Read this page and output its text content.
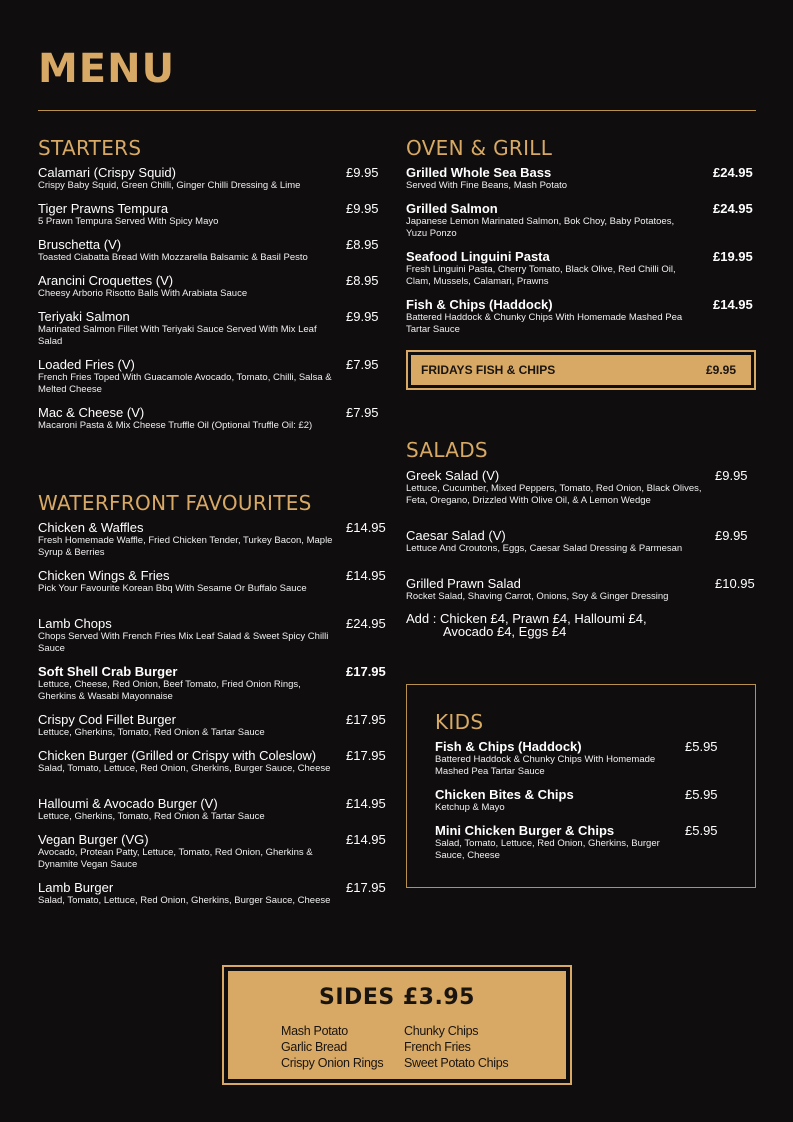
MENU
STARTERS
Calamari (Crispy Squid)
Crispy Baby Squid, Green Chilli, Ginger Chilli Dressing & Lime
£9.95
Tiger Prawns Tempura
5 Prawn Tempura Served With Spicy Mayo
£9.95
Bruschetta (V)
Toasted Ciabatta Bread With Mozzarella Balsamic & Basil Pesto
£8.95
Arancini Croquettes (V)
Cheesy Arborio Risotto Balls With Arabiata Sauce
£8.95
Teriyaki Salmon
Marinated Salmon Fillet With Teriyaki Sauce Served With Mix Leaf Salad
£9.95
Loaded Fries (V)
French Fries Toped With Guacamole Avocado, Tomato, Chilli, Salsa & Melted Cheese
£7.95
Mac & Cheese (V)
Macaroni Pasta & Mix Cheese Truffle Oil (Optional Truffle Oil: £2)
£7.95
WATERFRONT FAVOURITES
Chicken & Waffles
Fresh Homemade Waffle, Fried Chicken Tender, Turkey Bacon, Maple Syrup & Berries
£14.95
Chicken Wings & Fries
Pick Your Favourite Korean Bbq With Sesame Or Buffalo Sauce
£14.95
Lamb Chops
Chops Served With French Fries Mix Leaf Salad & Sweet Spicy Chilli Sauce
£24.95
Soft Shell Crab Burger
Lettuce, Cheese, Red Onion, Beef Tomato, Fried Onion Rings, Gherkins & Wasabi Mayonnaise
£17.95
Crispy Cod Fillet Burger
Lettuce, Gherkins, Tomato, Red Onion & Tartar Sauce
£17.95
Chicken Burger (Grilled or Crispy with Coleslow)
Salad, Tomato, Lettuce, Red Onion, Gherkins, Burger Sauce, Cheese
£17.95
Halloumi & Avocado Burger (V)
Lettuce, Gherkins, Tomato, Red Onion & Tartar Sauce
£14.95
Vegan Burger (VG)
Avocado, Protean Patty, Lettuce, Tomato, Red Onion, Gherkins & Dynamite Vegan Sauce
£14.95
Lamb Burger
Salad, Tomato, Lettuce, Red Onion, Gherkins, Burger Sauce, Cheese
£17.95
OVEN & GRILL
Grilled Whole Sea Bass
Served With Fine Beans, Mash Potato
£24.95
Grilled Salmon
Japanese Lemon Marinated Salmon, Bok Choy, Baby Potatoes, Yuzu Ponzo
£24.95
Seafood Linguini Pasta
Fresh Linguini Pasta, Cherry Tomato, Black Olive, Red Chilli Oil, Clam, Mussels, Calamari, Prawns
£19.95
Fish & Chips (Haddock)
Battered Haddock & Chunky Chips With Homemade Mashed Pea Tartar Sauce
£14.95
FRIDAYS FISH & CHIPS	£9.95
SALADS
Greek Salad (V)
Lettuce, Cucumber, Mixed Peppers, Tomato, Red Onion, Black Olives, Feta, Oregano, Drizzled With Olive Oil, & A Lemon Wedge
£9.95
Caesar Salad (V)
Lettuce And Croutons, Eggs, Caesar Salad Dressing & Parmesan
£9.95
Grilled Prawn Salad
Rocket Salad, Shaving Carrot, Onions, Soy & Ginger Dressing
£10.95
Add : Chicken £4, Prawn £4, Halloumi £4,
Avocado £4, Eggs £4
KIDS
Fish & Chips (Haddock)
Battered Haddock & Chunky Chips With Homemade Mashed Pea Tartar Sauce
£5.95
Chicken Bites & Chips
Ketchup & Mayo
£5.95
Mini Chicken Burger & Chips
Salad, Tomato, Lettuce, Red Onion, Gherkins, Burger Sauce, Cheese
£5.95
SIDES £3.95
Mash Potato
Garlic Bread
Crispy Onion Rings
Chunky Chips
French Fries
Sweet Potato Chips
